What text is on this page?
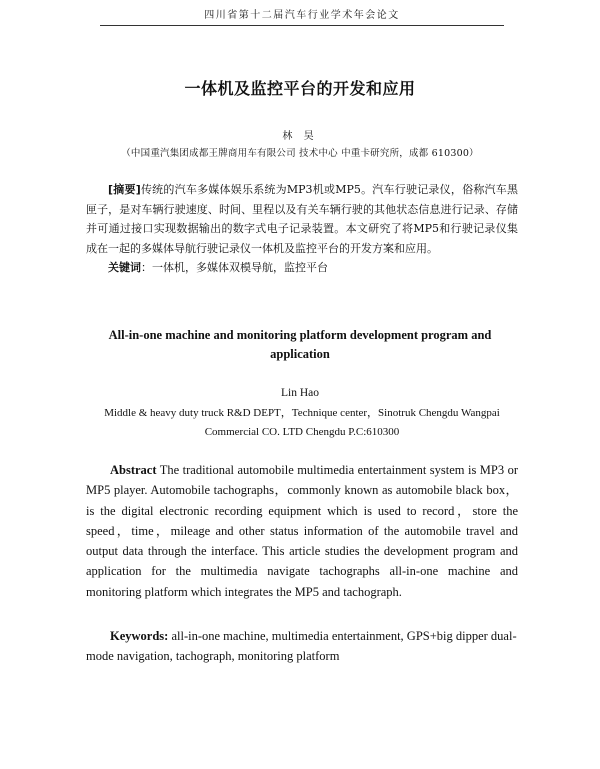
四川省第十二届汽车行业学术年会论文
一体机及监控平台的开发和应用
林 昊
（中国重汽集团成都王牌商用车有限公司 技术中心 中重卡研究所，成都 610300）
[摘要]传统的汽车多媒体娱乐系统为MP3机或MP5。汽车行驶记录仪，俗称汽车黑匣子，是对车辆行驶速度、时间、里程以及有关车辆行驶的其他状态信息进行记录、存储并可通过接口实现数据输出的数字式电子记录装置。本文研究了将MP5和行驶记录仪集成在一起的多媒体导航行驶记录仪一体机及监控平台的开发方案和应用。
关键词：一体机，多媒体双模导航，监控平台
All-in-one machine and monitoring platform development program and application
Lin Hao
Middle & heavy duty truck R&D DEPT，Technique center，Sinotruk Chengdu Wangpai Commercial CO. LTD Chengdu P.C:610300
Abstract The traditional automobile multimedia entertainment system is MP3 or MP5 player. Automobile tachographs，commonly known as automobile black box，is the digital electronic recording equipment which is used to record，store the speed，time，mileage and other status information of the automobile travel and output data through the interface. This article studies the development program and application for the multimedia navigate tachographs all-in-one machine and monitoring platform which integrates the MP5 and tachograph.
Keywords: all-in-one machine, multimedia entertainment, GPS+big dipper dual-mode navigation, tachograph, monitoring platform
